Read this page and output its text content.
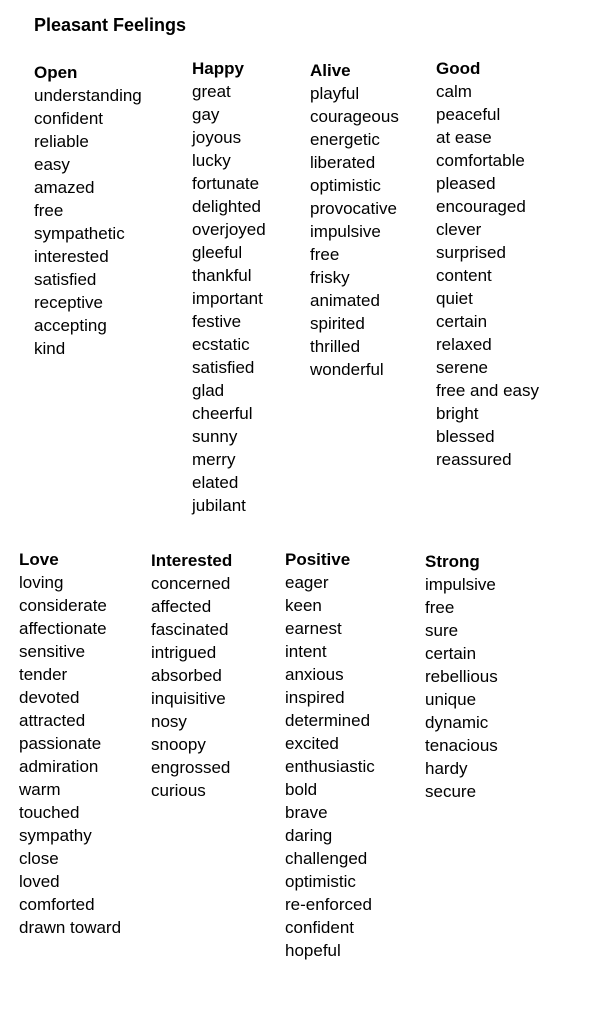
Pleasant Feelings
Open
understanding
confident
reliable
easy
amazed
free
sympathetic
interested
satisfied
receptive
accepting
kind
Happy
great
gay
joyous
lucky
fortunate
delighted
overjoyed
gleeful
thankful
important
festive
ecstatic
satisfied
glad
cheerful
sunny
merry
elated
jubilant
Alive
playful
courageous
energetic
liberated
optimistic
provocative
impulsive
free
frisky
animated
spirited
thrilled
wonderful
Good
calm
peaceful
at ease
comfortable
pleased
encouraged
clever
surprised
content
quiet
certain
relaxed
serene
free and easy
bright
blessed
reassured
Love
loving
considerate
affectionate
sensitive
tender
devoted
attracted
passionate
admiration
warm
touched
sympathy
close
loved
comforted
drawn toward
Interested
concerned
affected
fascinated
intrigued
absorbed
inquisitive
nosy
snoopy
engrossed
curious
Positive
eager
keen
earnest
intent
anxious
inspired
determined
excited
enthusiastic
bold
brave
daring
challenged
optimistic
re-enforced
confident
hopeful
Strong
impulsive
free
sure
certain
rebellious
unique
dynamic
tenacious
hardy
secure
